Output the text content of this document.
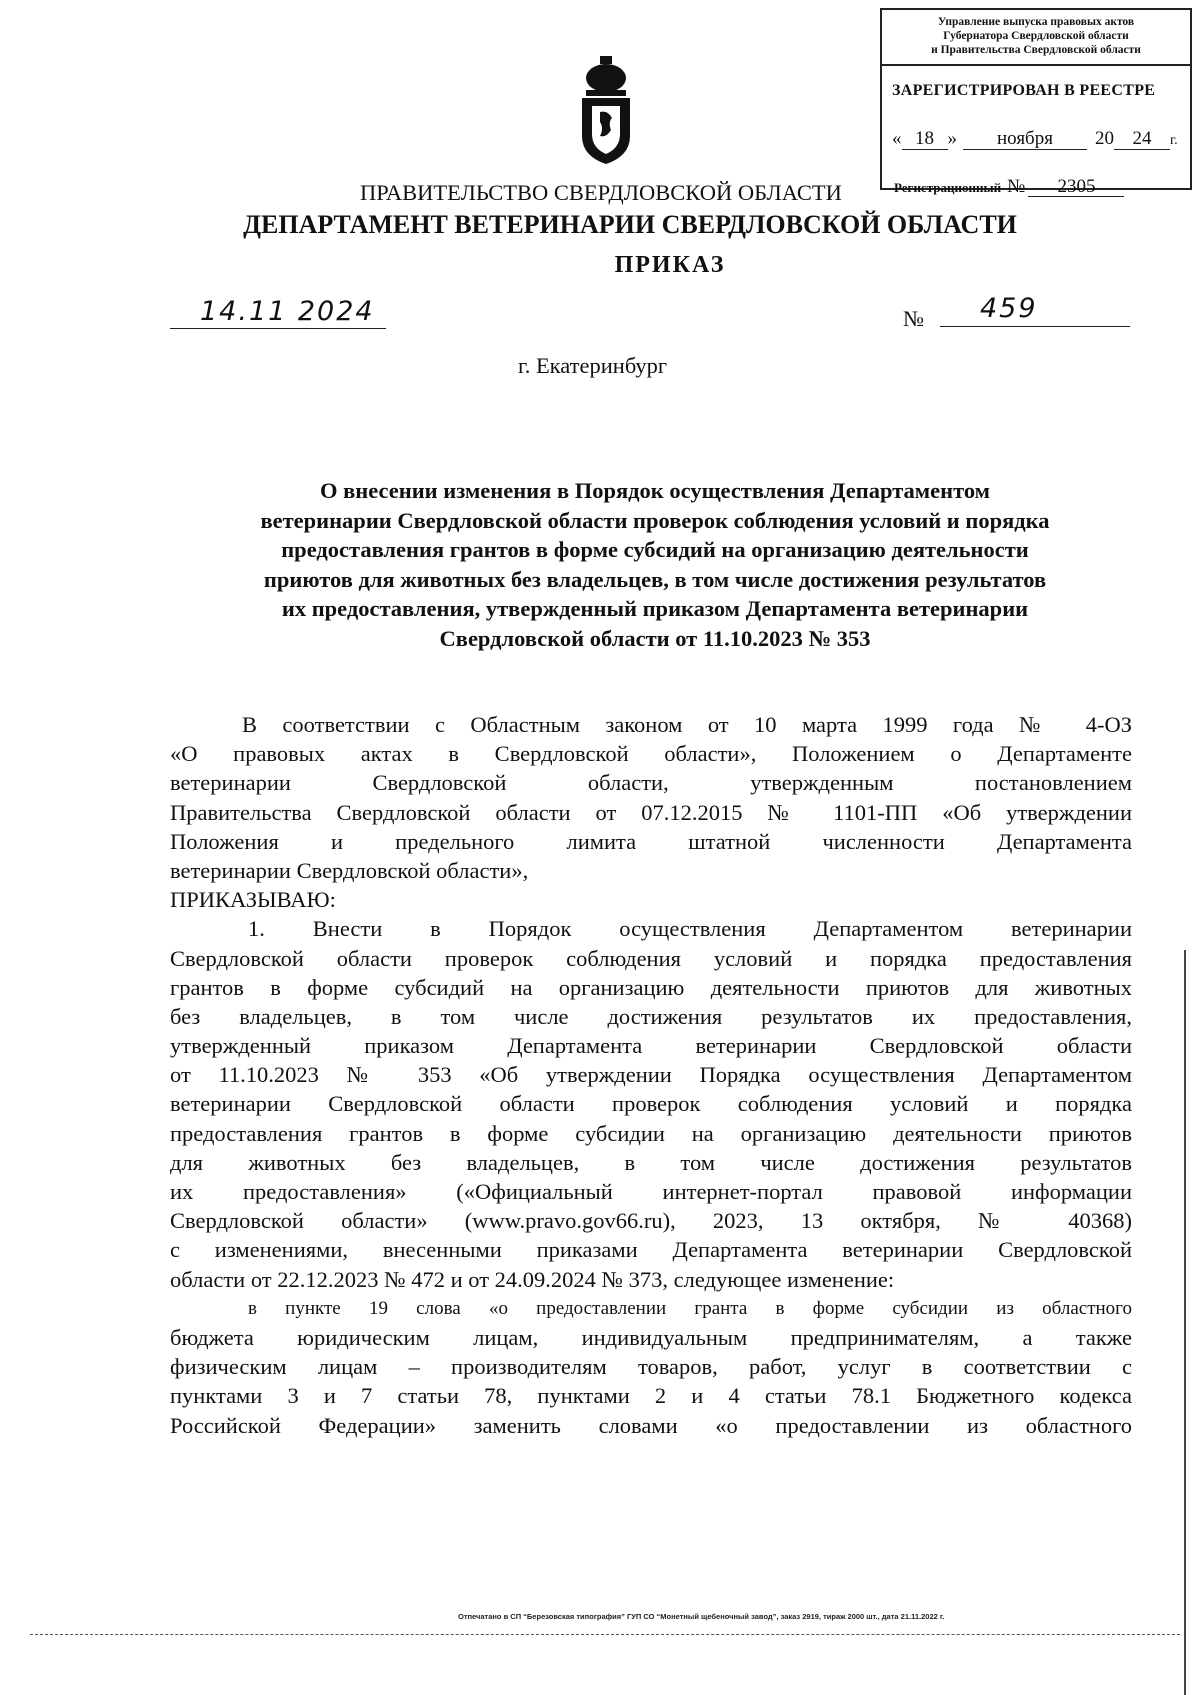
Управление выпуска правовых актов
Губернатора Свердловской области
и Правительства Свердловской области
ЗАРЕГИСТРИРОВАН В РЕЕСТРЕ
« 18 » ноября 20 24 г.
Регистрационный № 2305
ПРАВИТЕЛЬСТВО СВЕРДЛОВСКОЙ ОБЛАСТИ
ДЕПАРТАМЕНТ ВЕТЕРИНАРИИ СВЕРДЛОВСКОЙ ОБЛАСТИ
ПРИКАЗ
14.11 2024	№	459
г. Екатеринбург
О внесении изменения в Порядок осуществления Департаментом
ветеринарии Свердловской области проверок соблюдения условий и порядка
предоставления грантов в форме субсидий на организацию деятельности
приютов для животных без владельцев, в том числе достижения результатов
их предоставления, утвержденный приказом Департамента ветеринарии
Свердловской области от 11.10.2023 № 353
В соответствии с Областным законом от 10 марта 1999 года № 4-ОЗ
«О правовых актах в Свердловской области», Положением о Департаменте
ветеринарии Свердловской области, утвержденным постановлением
Правительства Свердловской области от 07.12.2015 № 1101-ПП «Об утверждении
Положения и предельного лимита штатной численности Департамента
ветеринарии Свердловской области»,
ПРИКАЗЫВАЮ:
1. Внести в Порядок осуществления Департаментом ветеринарии
Свердловской области проверок соблюдения условий и порядка предоставления
грантов в форме субсидий на организацию деятельности приютов для животных
без владельцев, в том числе достижения результатов их предоставления,
утвержденный приказом Департамента ветеринарии Свердловской области
от 11.10.2023 № 353 «Об утверждении Порядка осуществления Департаментом
ветеринарии Свердловской области проверок соблюдения условий и порядка
предоставления грантов в форме субсидии на организацию деятельности приютов
для животных без владельцев, в том числе достижения результатов
их предоставления» («Официальный интернет-портал правовой информации
Свердловской области» (www.pravo.gov66.ru), 2023, 13 октября, № 40368)
с изменениями, внесенными приказами Департамента ветеринарии Свердловской
области от 22.12.2023 № 472 и от 24.09.2024 № 373, следующее изменение:
в пункте 19 слова «о предоставлении гранта в форме субсидии из областного
бюджета юридическим лицам, индивидуальным предпринимателям, а также
физическим лицам – производителям товаров, работ, услуг в соответствии с
пунктами 3 и 7 статьи 78, пунктами 2 и 4 статьи 78.1 Бюджетного кодекса
Российской Федерации» заменить словами «о предоставлении из областного
Отпечатано в СП “Березовская типография” ГУП СО “Монетный щебеночный завод”, заказ 2919, тираж 2000 шт., дата 21.11.2022 г.
